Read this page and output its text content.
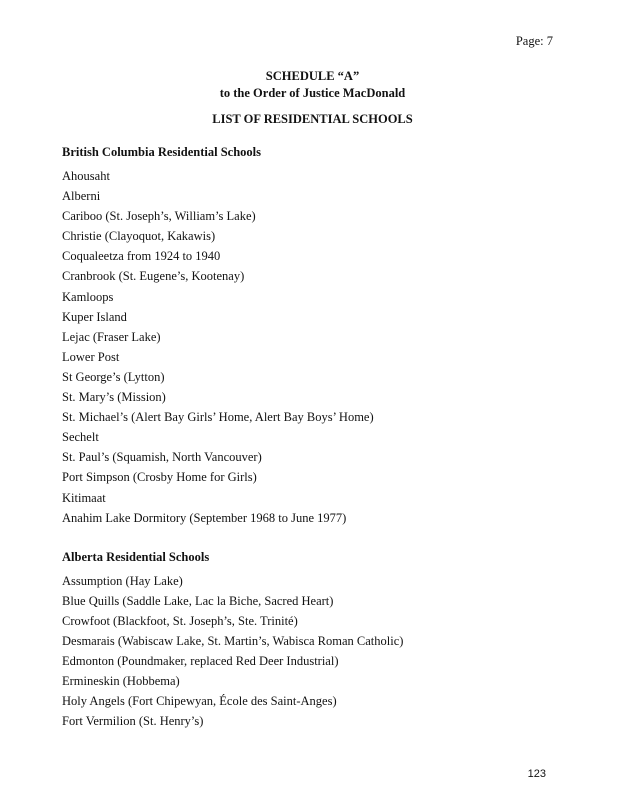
Page: 7
SCHEDULE “A”
to the Order of Justice MacDonald
LIST OF RESIDENTIAL SCHOOLS
British Columbia Residential Schools
Ahousaht
Alberni
Cariboo (St. Joseph’s, William’s Lake)
Christie (Clayoquot, Kakawis)
Coqualeetza from 1924 to 1940
Cranbrook (St. Eugene’s, Kootenay)
Kamloops
Kuper Island
Lejac (Fraser Lake)
Lower Post
St George’s (Lytton)
St. Mary’s (Mission)
St. Michael’s (Alert Bay Girls’ Home, Alert Bay Boys’ Home)
Sechelt
St. Paul’s (Squamish, North Vancouver)
Port Simpson (Crosby Home for Girls)
Kitimaat
Anahim Lake Dormitory (September 1968 to June 1977)
Alberta Residential Schools
Assumption (Hay Lake)
Blue Quills (Saddle Lake, Lac la Biche, Sacred Heart)
Crowfoot (Blackfoot, St. Joseph’s, Ste. Trinité)
Desmarais (Wabiscaw Lake, St. Martin’s, Wabisca Roman Catholic)
Edmonton (Poundmaker, replaced Red Deer Industrial)
Ermineskin (Hobbema)
Holy Angels (Fort Chipewyan, École des Saint-Anges)
Fort Vermilion (St. Henry’s)
123
